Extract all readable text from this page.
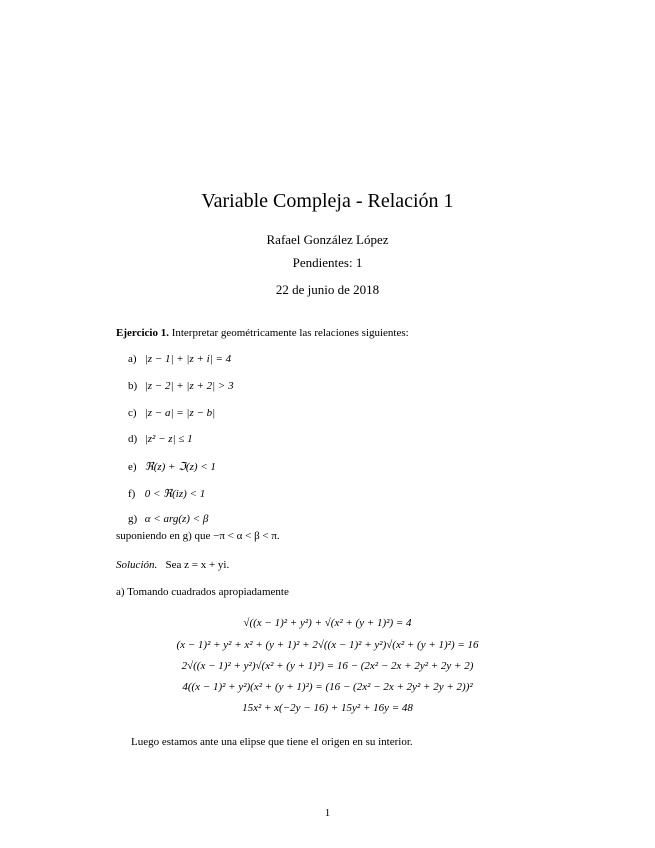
Variable Compleja - Relación 1
Rafael González López
Pendientes: 1
22 de junio de 2018
Ejercicio 1. Interpretar geométricamente las relaciones siguientes:
a) |z − 1| + |z + i| = 4
b) |z − 2| + |z + 2| > 3
c) |z − a| = |z − b|
d) |z² − z| ≤ 1
e) ℜ(z) + ℑ(z) < 1
f) 0 < ℜ(iz) < 1
g) α < arg(z) < β
suponiendo en g) que −π < α < β < π.
Solución. Sea z = x + yi.
a) Tomando cuadrados apropiadamente
√((x − 1)² + y²) + √(x² + (y + 1)²) = 4
(x − 1)² + y² + x² + (y + 1)² + 2√((x − 1)² + y²)√(x² + (y + 1)²) = 16
2√((x − 1)² + y²)√(x² + (y + 1)²) = 16 − (2x² − 2x + 2y² + 2y + 2)
4((x − 1)² + y²)(x² + (y + 1)²) = (16 − (2x² − 2x + 2y² + 2y + 2))²
15x² + x(−2y − 16) + 15y² + 16y = 48
Luego estamos ante una elipse que tiene el origen en su interior.
1
